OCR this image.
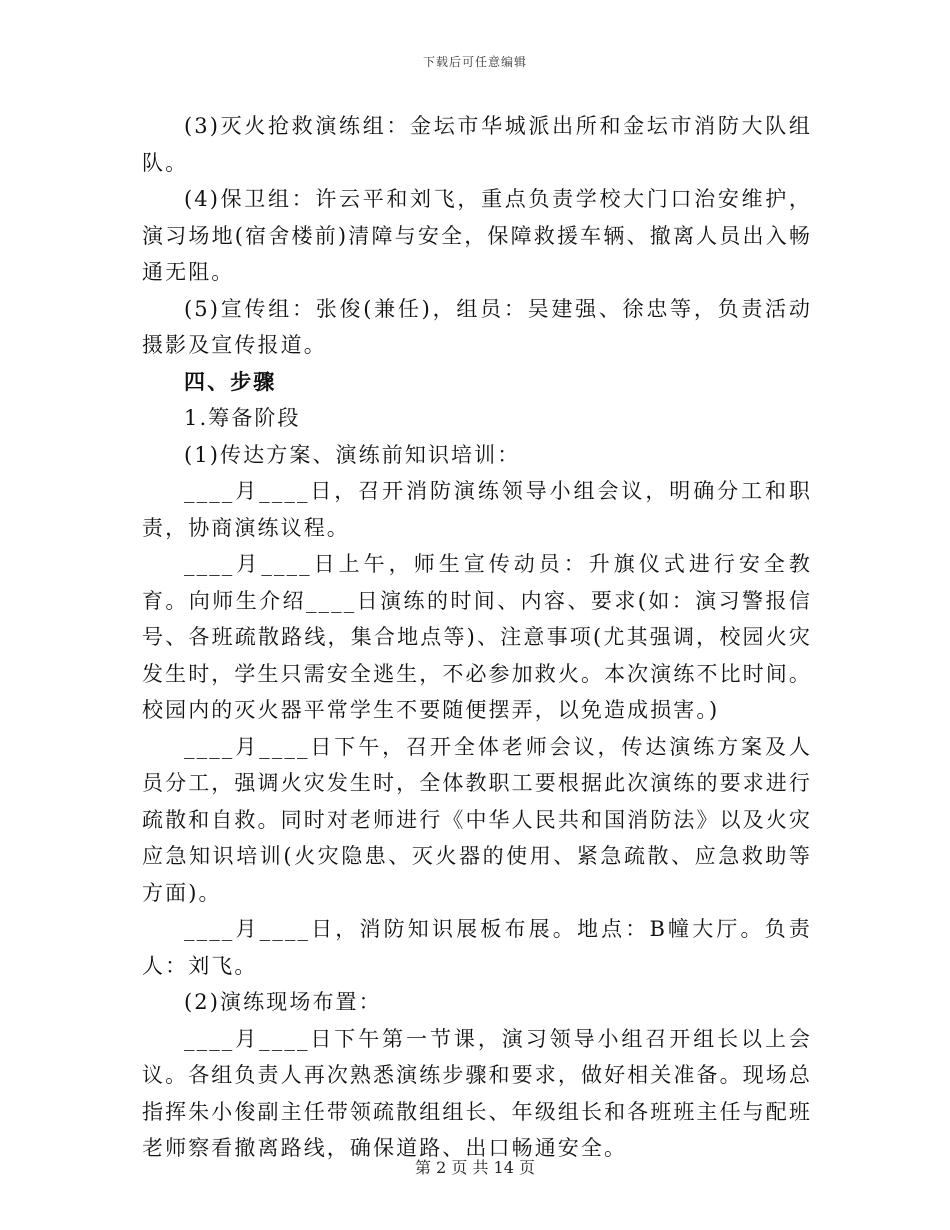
下载后可任意编辑

(3)灭火抢救演练组：金坛市华城派出所和金坛市消防大队组队。

(4)保卫组：许云平和刘飞，重点负责学校大门口治安维护，演习场地(宿舍楼前)清障与安全，保障救援车辆、撤离人员出入畅通无阻。

(5)宣传组：张俊(兼任)，组员：吴建强、徐忠等，负责活动摄影及宣传报道。

四、步骤

1.筹备阶段

(1)传达方案、演练前知识培训：

____月____日，召开消防演练领导小组会议，明确分工和职责，协商演练议程。

____月____日上午，师生宣传动员：升旗仪式进行安全教育。向师生介绍____日演练的时间、内容、要求(如：演习警报信号、各班疏散路线，集合地点等)、注意事项(尤其强调，校园火灾发生时，学生只需安全逃生，不必参加救火。本次演练不比时间。校园内的灭火器平常学生不要随便摆弄，以免造成损害。)

____月____日下午，召开全体老师会议，传达演练方案及人员分工，强调火灾发生时，全体教职工要根据此次演练的要求进行疏散和自救。同时对老师进行《中华人民共和国消防法》以及火灾应急知识培训(火灾隐患、灭火器的使用、紧急疏散、应急救助等方面)。

____月____日，消防知识展板布展。地点：B幢大厅。负责人：刘飞。

(2)演练现场布置：

____月____日下午第一节课，演习领导小组召开组长以上会议。各组负责人再次熟悉演练步骤和要求，做好相关准备。现场总指挥朱小俊副主任带领疏散组组长、年级组长和各班班主任与配班老师察看撤离路线，确保道路、出口畅通安全。

第 2 页 共 14 页
